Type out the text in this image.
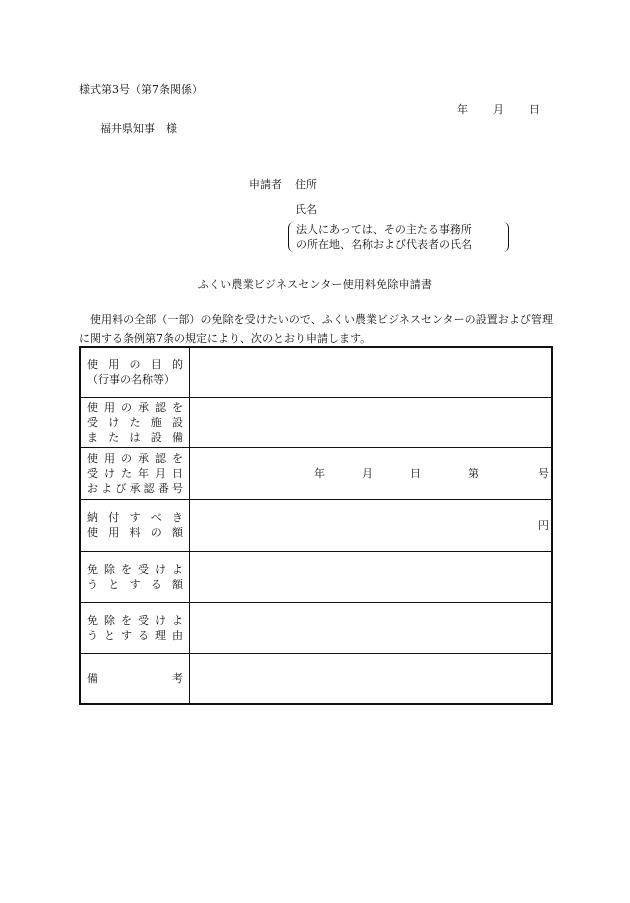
様式第3号（第7条関係）
年 月 日
福井県知事　様
申請者 住所
氏名
法人にあっては、その主たる事務所
の所在地、名称および代表者の氏名
ふくい農業ビジネスセンター使用料免除申請書
使用料の全部（一部）の免除を受けたいので、ふくい農業ビジネスセンターの設置および管理に関する条例第7条の規定により、次のとおり申請します。
使用の目的
（行事の名称等）	

使用の承認を
受けた施設
または設備	

使用の承認を
受けた年月日
および承認番号	年 月 日 第 号

納付すべき
使用料の額	円

免除を受けよ
うとする額	

免除を受けよ
うとする理由	

備考	
